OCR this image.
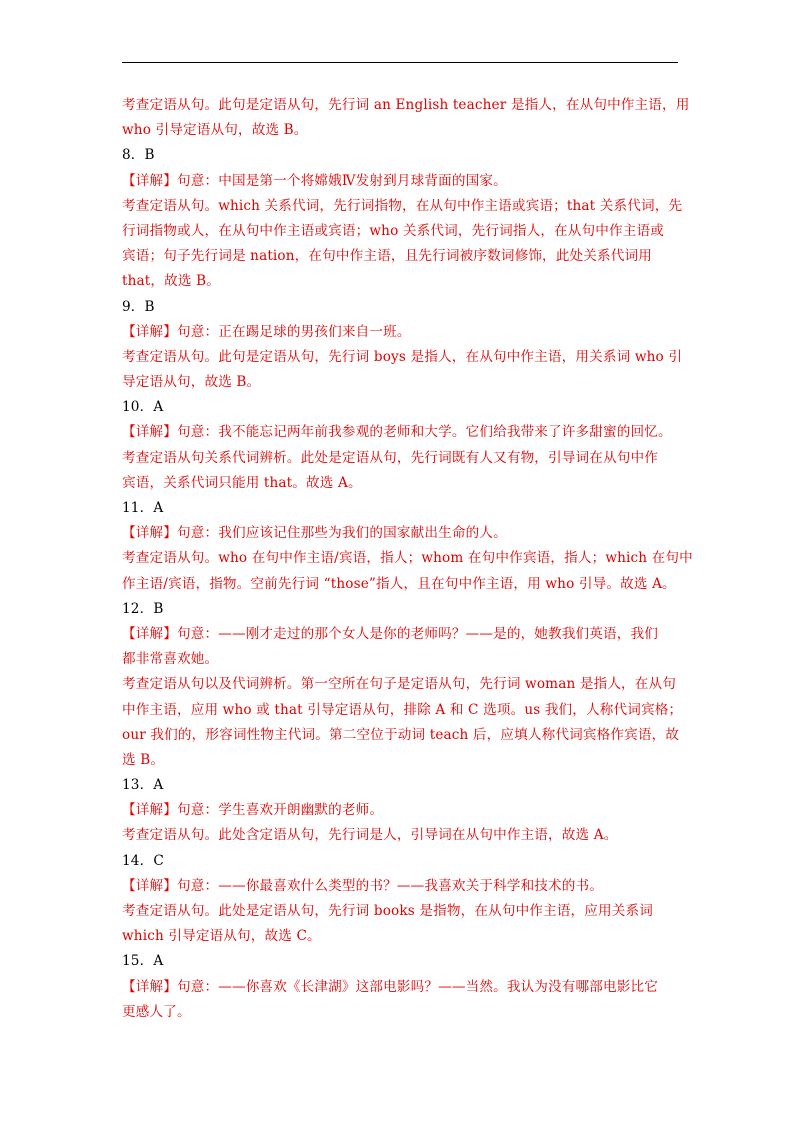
考查定语从句。此句是定语从句，先行词 an English teacher 是指人，在从句中作主语，用
who 引导定语从句，故选 B。
8．B
【详解】句意：中国是第一个将嫦娥Ⅳ发射到月球背面的国家。
考查定语从句。which 关系代词，先行词指物，在从句中作主语或宾语；that 关系代词，先
行词指物或人，在从句中作主语或宾语；who 关系代词，先行词指人，在从句中作主语或
宾语；句子先行词是 nation，在句中作主语，且先行词被序数词修饰，此处关系代词用
that，故选 B。
9．B
【详解】句意：正在踢足球的男孩们来自一班。
考查定语从句。此句是定语从句，先行词 boys 是指人，在从句中作主语，用关系词 who 引
导定语从句，故选 B。
10．A
【详解】句意：我不能忘记两年前我参观的老师和大学。它们给我带来了许多甜蜜的回忆。
考查定语从句关系代词辨析。此处是定语从句，先行词既有人又有物，引导词在从句中作
宾语，关系代词只能用 that。故选 A。
11．A
【详解】句意：我们应该记住那些为我们的国家献出生命的人。
考查定语从句。who 在句中作主语/宾语，指人；whom 在句中作宾语，指人；which 在句中
作主语/宾语，指物。空前先行词 “those”指人，且在句中作主语，用 who 引导。故选 A。
12．B
【详解】句意：——刚才走过的那个女人是你的老师吗？——是的，她教我们英语，我们
都非常喜欢她。
考查定语从句以及代词辨析。第一空所在句子是定语从句，先行词 woman 是指人，在从句
中作主语，应用 who 或 that 引导定语从句，排除 A 和 C 选项。us 我们，人称代词宾格；
our 我们的，形容词性物主代词。第二空位于动词 teach 后，应填人称代词宾格作宾语，故
选 B。
13．A
【详解】句意：学生喜欢开朗幽默的老师。
考查定语从句。此处含定语从句，先行词是人，引导词在从句中作主语，故选 A。
14．C
【详解】句意：——你最喜欢什么类型的书？——我喜欢关于科学和技术的书。
考查定语从句。此处是定语从句，先行词 books 是指物，在从句中作主语，应用关系词
which 引导定语从句，故选 C。
15．A
【详解】句意：——你喜欢《长津湖》这部电影吗？——当然。我认为没有哪部电影比它
更感人了。
